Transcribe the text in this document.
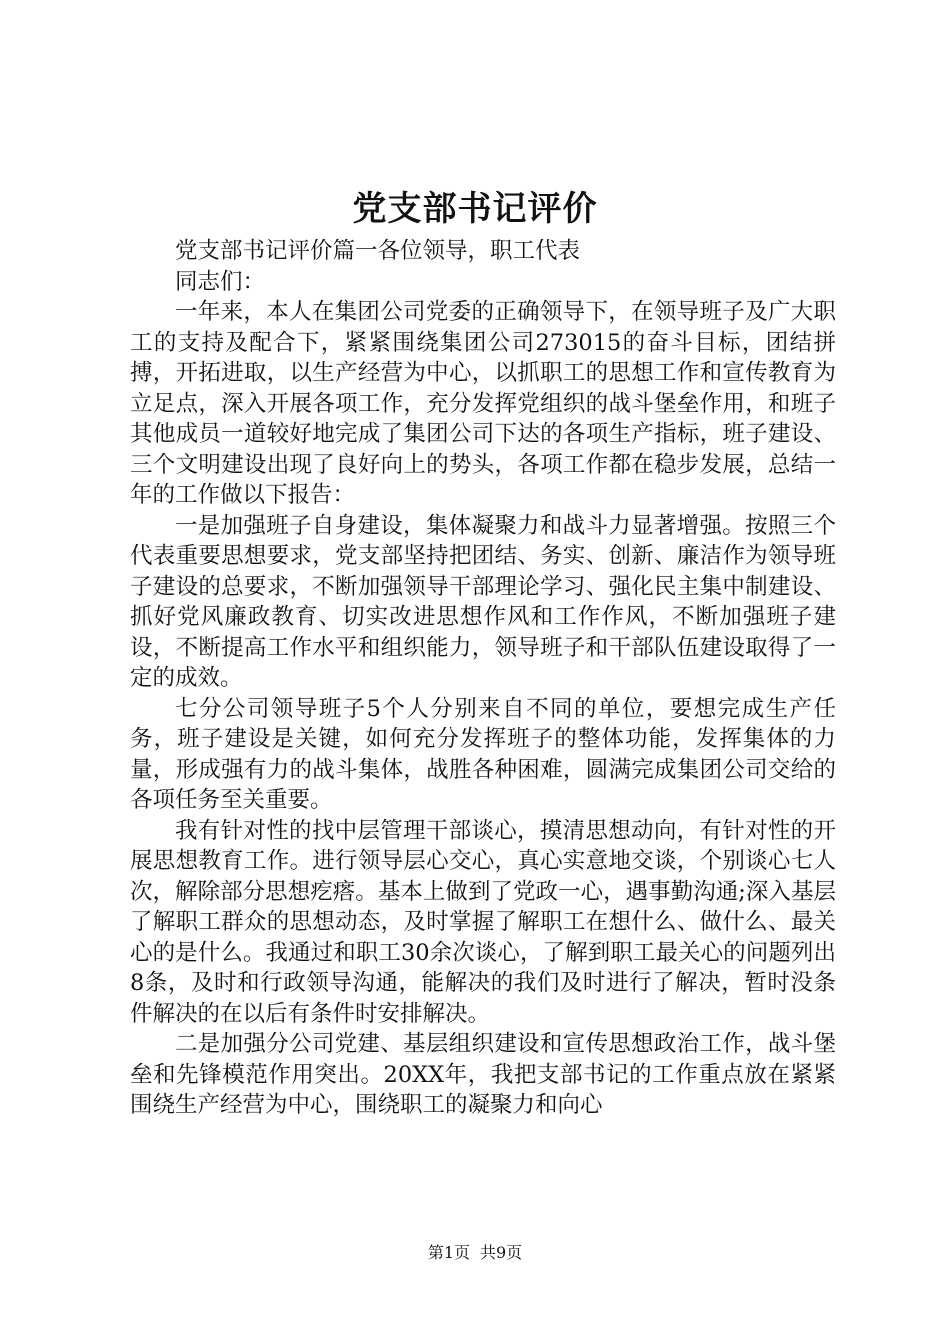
党支部书记评价

党支部书记评价篇一各位领导，职工代表

同志们：

一年来，本人在集团公司党委的正确领导下，在领导班子及广大职工的支持及配合下，紧紧围绕集团公司273015的奋斗目标，团结拼搏，开拓进取，以生产经营为中心，以抓职工的思想工作和宣传教育为立足点，深入开展各项工作，充分发挥党组织的战斗堡垒作用，和班子其他成员一道较好地完成了集团公司下达的各项生产指标，班子建设、三个文明建设出现了良好向上的势头，各项工作都在稳步发展，总结一年的工作做以下报告：

一是加强班子自身建设，集体凝聚力和战斗力显著增强。按照三个代表重要思想要求，党支部坚持把团结、务实、创新、廉洁作为领导班子建设的总要求，不断加强领导干部理论学习、强化民主集中制建设、抓好党风廉政教育、切实改进思想作风和工作作风，不断加强班子建设，不断提高工作水平和组织能力，领导班子和干部队伍建设取得了一定的成效。

七分公司领导班子5个人分别来自不同的单位，要想完成生产任务，班子建设是关键，如何充分发挥班子的整体功能，发挥集体的力量，形成强有力的战斗集体，战胜各种困难，圆满完成集团公司交给的各项任务至关重要。

我有针对性的找中层管理干部谈心，摸清思想动向，有针对性的开展思想教育工作。进行领导层心交心，真心实意地交谈，个别谈心七人次，解除部分思想疙瘩。基本上做到了党政一心，遇事勤沟通;深入基层了解职工群众的思想动态，及时掌握了解职工在想什么、做什么、最关心的是什么。我通过和职工30余次谈心，了解到职工最关心的问题列出8条，及时和行政领导沟通，能解决的我们及时进行了解决，暂时没条件解决的在以后有条件时安排解决。

二是加强分公司党建、基层组织建设和宣传思想政治工作，战斗堡垒和先锋模范作用突出。20XX年，我把支部书记的工作重点放在紧紧围绕生产经营为中心，围绕职工的凝聚力和向心

第1页 共9页
